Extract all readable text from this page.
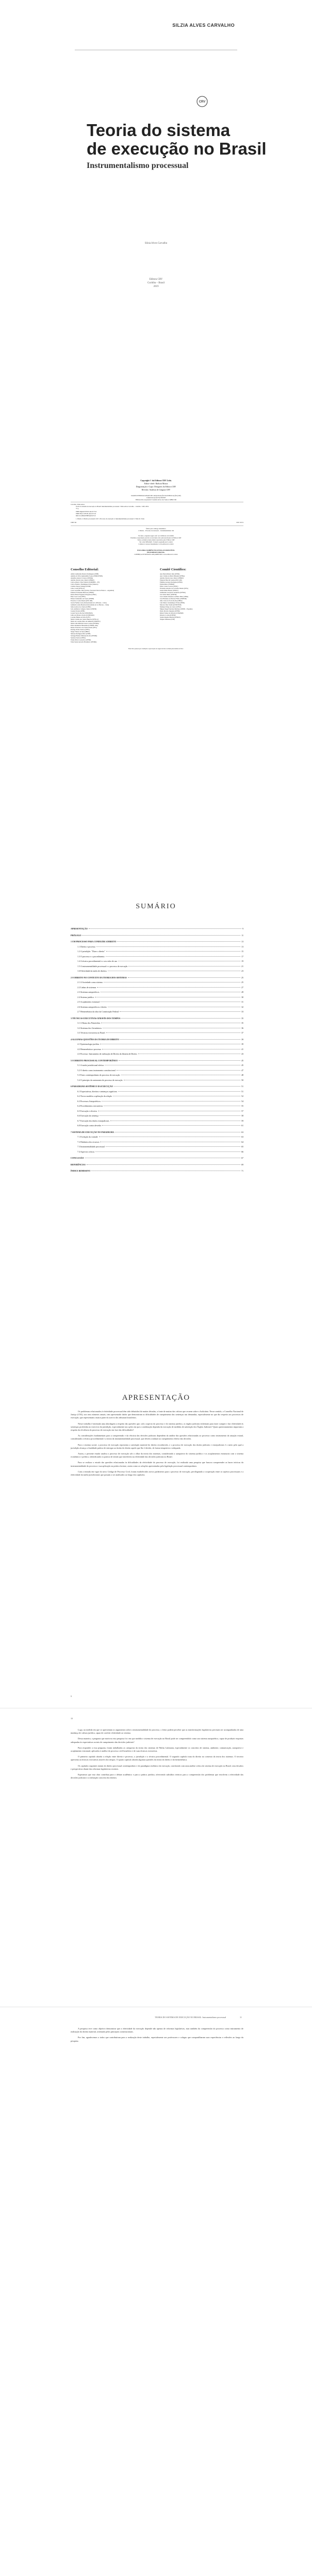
SILZIA ALVES CARVALHO
CRV
Teoria do sistema
de execução no Brasil
Instrumentalismo processual
Silzia Alves Carvalho
Editora CRV
Curitiba – Brasil
2019
Copyright © da Editora CRV Ltda.
Editor-chefe: Railson Moura
Diagramação e Capa: Designers da Editora CRV
Revisão: Analista de Línguas CRV
DADOS INTERNACIONAIS DE CATALOGAÇÃO NA PUBLICAÇÃO (CIP)
CATALOGAÇÃO NA FONTE
Bibliotecária responsável: Luzenira Alves dos Santos CRB9/1506
Carvalho, Silzia Alves
Teoria do sistema de execução no Brasil: Instrumentalismo processual / Silzia Alves Carvalho – Curitiba : CRV, 2019.
72 p.
ISBN Digital 978-85-444-3173-6
ISBN Físico 978-85-444-3172-9
DOI 10.24824/978854443172.9
1. Direito 2. Direito processual civil 3. Processo de execução 4. Instrumentalidade processual I. Título II. Série
CDD 341	CDU 347.9
Índice para catálogo sistemático
1. Direito – Processo de execução – Instrumentalismo 341
Foi feito o depósito legal conf. Lei 10.994 de 14/12/2004
Proibida a reprodução parcial ou total desta obra sem autorização da Editora CRV
Todos os direitos desta edição reservados pela: Editora CRV
Tel.: (41) 3039-6418 - E-mail: sac@editoracrv.com.br
Conheça os nossos lançamentos: www.editoracrv.com.br
ESTA OBRA TAMBÉM ENCONTRA-SE DISPONÍVEL
EM FORMATO DIGITAL.
CONHEÇA OS NOSSOS LANÇAMENTOS: www.editoracrv.com.br
Conselho Editorial:
Aldira Guimarães Duarte Domínguez (UNB)
Andréia da Silva Quintanilha Sousa (UNIR/UFRN)
Anselmo Alencar Colares (UFOPA)
Antônio Pereira Gaio Júnior (UFRRJ)
Carlos Alberto Vilar Estêvão (UMINHO – PT)
Carlos Federico Dominguez Avila (Unieuro)
Carmen Tereza Velanga (UNIR)
Celso Conti (UFSCar)
Cesar Gerónimo Tello (Univer. Nacional Três de Febrero – Argentina)
Eduardo Fernandes Barbosa (UFMG)
Elione Maria Nogueira Diogenes (UFAL)
Élsio José Corá (UFFS)
Elizeu Clementino de Souza (UNEB)
Francisco Carlos Duarte (PUC-PR)
Gloria Fariñas León (Universidade de La Havana – Cuba)
Guillermo Arias Beatón (Universidade de La Havana – Cuba)
Jailson Alves dos Santos (UFRJ)
João Adalberto Campato Junior (UNESP)
Josania Portela (UFPI)
Leonel Severo Rocha (UNISINOS)
Lídia de Oliveira Xavier (UNIEURO)
Lourdes Helena da Silva (UFV)
Maria Cristina dos Santos Bezerra (UFSCar)
Maria de Lourdes Pinto de Almeida (UNOESC)
Maria Lília Imbiriba Sousa Colares (UFOPA)
Paulo Romualdo Hernandes (UNIFAL-MG)
Renato Francisco dos Santos Paula (UFG)
Rodrigo Pratte-Santos (UFES)
Sérgio Nunes de Jesus (IFRO)
Simone Rodrigues Pinto (UNB)
Solange Helena Ximenes-Rocha (UFOPA)
Sydione Santos (UEPG)
Tadeu Oliver Gonçalves (UFPA)
Tania Suely Azevedo Brasileiro (UFOPA)
Comitê Científico:
Ana Paula Ribeiro Reis (UFPA)
Ana Cristina de Melo Pimentel (UFBA)
Antônio Pereira Gaio Júnior (UFRRJ)
Eduardo Biacchi Gomes (PUC-PR)
Edmilson Araujo Rodrigues (UFPA)
Ezilda Melo (UNIFAP)
Fábio Caires Correia (UESC)
Fernando Antonio de Carvalho Dantas (UFG)
Gisela Maria Bester (UNISC)
Guilherme Gonçalves Alcântara (UFMG)
Joel Lima Júnior (UNESP)
José Cláudio Monteiro de Brito Filho (UFPA)
José Filomeno de Moraes Filho (UNIFOR)
Júlio César de Sá da Rocha (UFBA)
Luís Mauro Lindenmeyer Eche (UFPR)
Marcelo Dias Varella (UNICEUB)
Matheus Felipe de Castro (UFSC)
Miguel Ángel Sánchez Martínez (UNED – Espanha)
Paulo Ricardo Opuszka (UFPR)
Rafael Tomaz de Oliveira (UNAERP)
Roberta Corrêa (UNESP)
Sandra Regina Martini (UFRGS)
Wagner Menezes (USP)
Este livro passou por avaliação e aprovação às cegas de dois ou mais pareceristas ad hoc.
SUMÁRIO
APRESENTAÇÃO	9
PRÓLOGO	11
1 UM PROCESSO PARA CONDUZIR A DIREITO	13
1.1 Direito e processo	13
1.2 A jurisdição: "Dizer o direito"	15
1.3 O processo e o procedimento	17
1.4 A técnica procedimental e o seu valor de uso	19
1.5 A instrumentalidade processual e o processo de execução	21
1.6 Efetividade da tutela de direitos	23
2 O DIREITO NO CONTEXTO DA TEORIA DOS SISTEMAS	25
2.1 A Sociedade como sistema	25
2.2 Linhas de sistemas	27
2.3 Sistemas autopoiéticos	28
2.4 Sistema jurídico	30
2.5 Acoplamento estrutural	31
2.6 Sistemas autopoiéticos e direito	32
2.7 Hermenêutica da obra da Constituição Federal	33
3 TÉCNICAS EXECUTIVAS ATRAVÉS DOS TEMPOS	35
3.1 A Roma dos Primórdios	35
3.2 Sistemas dos Germânicos	36
3.3 Técnicas executivas no Brasil	37
4 ALGUMAS QUESTÕES DA TEORIA DO DIREITO	39
4.1 Epistemologia jurídica	39
4.2 Hermenêutica e processo	41
4.3 Processo: Instrumento de realização de Direito da Idoneia de Direito	43
5 O DIREITO PROCESSUAL CONTEMPORÂNEO	45
5.1 A tutela jurisdicional efetiva	45
5.2 O direito como instrumento constitucional	47
5.3 Fases contemporâneas do processo de execução	48
5.4 O princípio da autonomia do processo de execução	50
6 PARADIGMA SISTÊMICO DA EXECUÇÃO	51
6.1 Expectativas, direitos e sentenças cognitivas	51
6.2 Novos modelos a aplicação da relação	52
6.3 Processos Autopoiéticos	54
6.4 Procedimentos executórios	55
6.5 Execução e eficácia	57
6.6 Execução da sentença	58
6.7 Execução dos títulos extrajudiciais	59
6.8 Execução contra devedor	61
7 SISTEMA DE EXECUÇÃO NO PARADIGMA	63
7.1 Evolução da vontade	63
7.2 Dinâmica dos recursos	64
7.3 Instrumentalidade processual	65
7.4 Aspectos críticos	66
CONCLUSÃO	67
REFERÊNCIAS	69
ÍNDICE REMISSIVO	71
APRESENTAÇÃO

Os problemas relacionados à efetividade processual têm sido debatidos há muitas décadas, a fonte de muitas das críticas que recaem sobre o Judiciário. Nesse sentido, o Conselho Nacional de Justiça (CNJ), nos seus números anuais, tem apresentado dados que demonstram as dificuldades de cumprimento das sentenças nas demandas, especialmente no que diz respeito aos processos de execução, que representam a maior parte do acervo dos tribunais brasileiros.

Nesse trabalho é intentada uma abordagem a respeito das questões que, sob o aspecto do processo e do sistema jurídico, os órgãos judiciais enfrentam para fazer cumprir e dar efetividade às sentenças proferidas no exercício da jurisdição, especialmente nas ações em que a condenação dependa da execução de medidas de satisfação dos Órgãos Judiciais? Quais questionamentos importam a respeito da eficiência do processo de execução em face das dificuldades?

As considerações fundamentais para a compreensão e da eficácia das decisões judiciais dependem da análise das questões relacionadas ao processo como instrumento da atuação estatal, considerando a técnica procedimental e a teoria da instrumentalidade processual, que devem conduzir ao cumprimento efetivo das decisões.

Para o sistema social, o processo de execução representa a satisfação material do direito reconhecido, e o processo de execução dos títulos judiciais e extrajudiciais é o meio pelo qual a jurisdição alcança a finalidade prática de entregar ao titular do direito aquilo que lhe é devido, de forma tempestiva e adequada.

Assim, o presente estudo analisa o processo de execução sob o olhar da teoria dos sistemas, considerando a autopoiese do sistema jurídico e os acoplamentos estruturais com o sistema econômico e político, identificando os pontos de tensão que interferem na efetividade das decisões judiciais no Brasil.

Para se realizar o estudo das questões relacionadas às dificuldades da efetividade do processo de execução, foi realizada uma pesquisa que buscou compreender as bases teóricas da instrumentalidade do processo e sua aplicação na prática forense, assim como as soluções apresentadas pela legislação processual contemporânea.

Com a entrada em vigor do novo Código de Processo Civil, foram estabelecidos novos parâmetros para o processo de execução, privilegiando a cooperação entre os sujeitos processuais e a efetividade da tutela jurisdicional, que passam a ser analisados ao longo dos capítulos.

9
10

Logo, na medida em que se apresentam os argumentos sobre a instrumentalidade do processo, o leitor poderá perceber que as transformações legislativas precisam ser acompanhadas de uma mudança de cultura jurídica, capaz de conferir efetividade ao sistema.

Dessa maneira, a pergunta que motivou esta pesquisa foi: em que medida o sistema de execução no Brasil pode ser compreendido como um sistema autopoiético, capaz de produzir respostas adequadas às expectativas sociais de cumprimento das decisões judiciais?

Para responder a essa pergunta, foram trabalhadas as categorias da teoria dos sistemas de Niklas Luhmann, especialmente os conceitos de sistema, ambiente, comunicação, autopoiese e acoplamento estrutural, aplicados à análise do processo civil brasileiro e de suas técnicas executivas.

O primeiro capítulo aborda a relação entre direito e processo, a jurisdição e a técnica procedimental. O segundo capítulo trata do direito no contexto da teoria dos sistemas. O terceiro apresenta as técnicas executivas através dos tempos. O quarto capítulo aborda algumas questões da teoria do direito e da hermenêutica.

Os capítulos seguintes tratam do direito processual contemporâneo e do paradigma sistêmico da execução, concluindo com uma análise crítica do sistema de execução no Brasil, seus desafios e perspectivas diante das reformas legislativas recentes.

Esperamos que esta obra contribua para o debate acadêmico e para a prática jurídica, oferecendo subsídios teóricos para a compreensão dos problemas que envolvem a efetividade das decisões judiciais e a realização concreta dos direitos.

TEORIA DO SISTEMA DE EXECUÇÃO NO BRASIL: Instrumentalismo processual	11

A pesquisa teve como objetivo demonstrar que a efetividade da execução depende não apenas de reformas legislativas, mas também da compreensão do processo como instrumento de realização do direito material, orientado pelos princípios constitucionais.

Por fim, agradecemos a todos que contribuíram para a realização deste trabalho, especialmente aos professores e colegas que compartilharam suas experiências e reflexões ao longo da pesquisa.
